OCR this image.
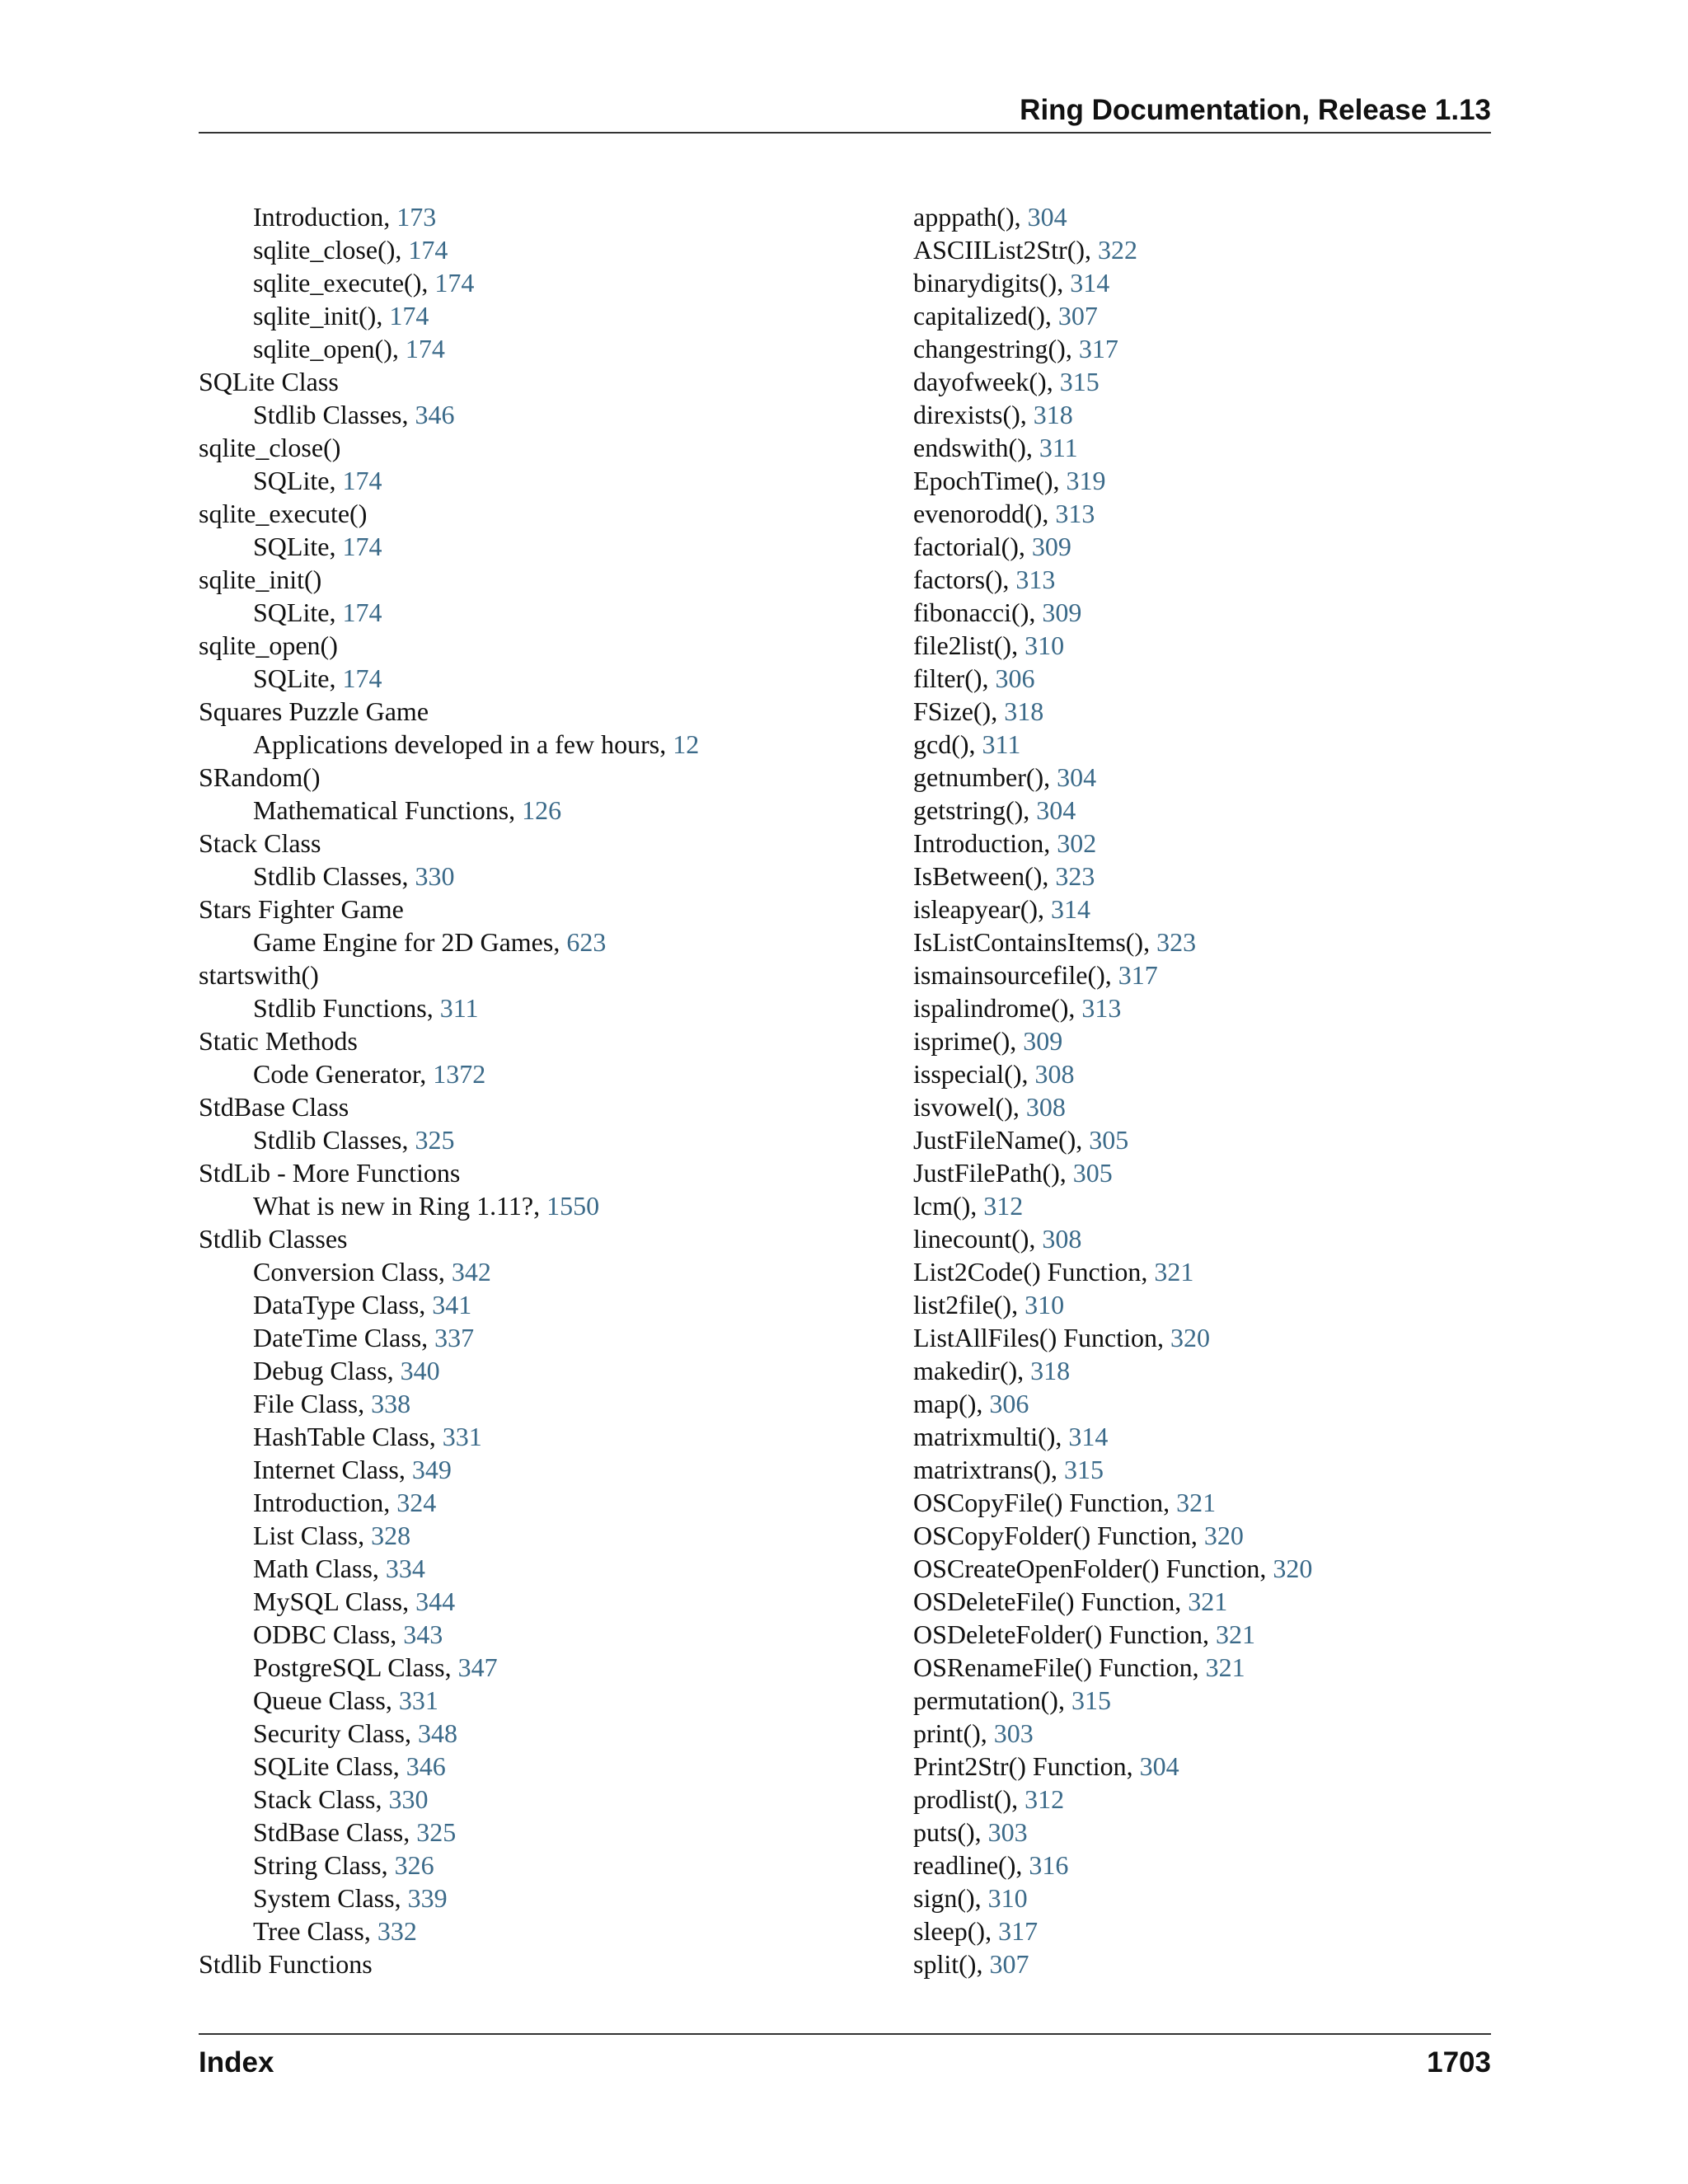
Ring Documentation, Release 1.13
Introduction, 173
sqlite_close(), 174
sqlite_execute(), 174
sqlite_init(), 174
sqlite_open(), 174
SQLite Class
Stdlib Classes, 346
sqlite_close()
SQLite, 174
sqlite_execute()
SQLite, 174
sqlite_init()
SQLite, 174
sqlite_open()
SQLite, 174
Squares Puzzle Game
Applications developed in a few hours, 12
SRandom()
Mathematical Functions, 126
Stack Class
Stdlib Classes, 330
Stars Fighter Game
Game Engine for 2D Games, 623
startswith()
Stdlib Functions, 311
Static Methods
Code Generator, 1372
StdBase Class
Stdlib Classes, 325
StdLib - More Functions
What is new in Ring 1.11?, 1550
Stdlib Classes
Conversion Class, 342
DataType Class, 341
DateTime Class, 337
Debug Class, 340
File Class, 338
HashTable Class, 331
Internet Class, 349
Introduction, 324
List Class, 328
Math Class, 334
MySQL Class, 344
ODBC Class, 343
PostgreSQL Class, 347
Queue Class, 331
Security Class, 348
SQLite Class, 346
Stack Class, 330
StdBase Class, 325
String Class, 326
System Class, 339
Tree Class, 332
Stdlib Functions
apppath(), 304
ASCIIList2Str(), 322
binarydigits(), 314
capitalized(), 307
changestring(), 317
dayofweek(), 315
direxists(), 318
endswith(), 311
EpochTime(), 319
evenorodd(), 313
factorial(), 309
factors(), 313
fibonacci(), 309
file2list(), 310
filter(), 306
FSize(), 318
gcd(), 311
getnumber(), 304
getstring(), 304
Introduction, 302
IsBetween(), 323
isleapyear(), 314
IsListContainsItems(), 323
ismainsourcefile(), 317
ispalindrome(), 313
isprime(), 309
isspecial(), 308
isvowel(), 308
JustFileName(), 305
JustFilePath(), 305
lcm(), 312
linecount(), 308
List2Code() Function, 321
list2file(), 310
ListAllFiles() Function, 320
makedir(), 318
map(), 306
matrixmulti(), 314
matrixtrans(), 315
OSCopyFile() Function, 321
OSCopyFolder() Function, 320
OSCreateOpenFolder() Function, 320
OSDeleteFile() Function, 321
OSDeleteFolder() Function, 321
OSRenameFile() Function, 321
permutation(), 315
print(), 303
Print2Str() Function, 304
prodlist(), 312
puts(), 303
readline(), 316
sign(), 310
sleep(), 317
split(), 307
Index	1703
